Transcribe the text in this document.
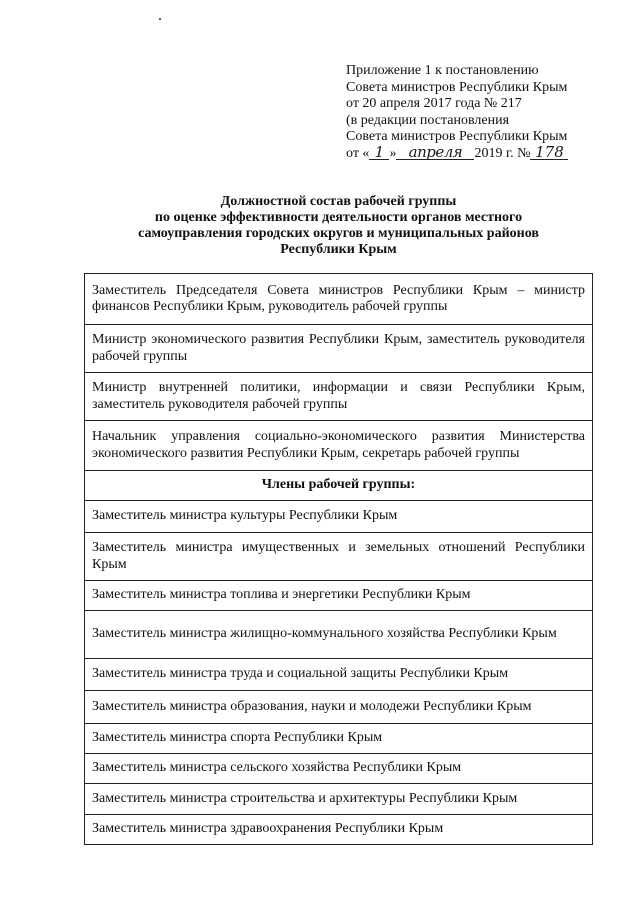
Приложение 1 к постановлению
Совета министров Республики Крым
от 20 апреля 2017 года № 217
(в редакции постановления
Совета министров Республики Крым
от « 1 » апреля 2019 г. № 178
Должностной состав рабочей группы
по оценке эффективности деятельности органов местного
самоуправления городских округов и муниципальных районов
Республики Крым
Заместитель Председателя Совета министров Республики Крым – министр финансов Республики Крым, руководитель рабочей группы
Министр экономического развития Республики Крым, заместитель руководителя рабочей группы
Министр внутренней политики, информации и связи Республики Крым, заместитель руководителя рабочей группы
Начальник управления социально-экономического развития Министерства экономического развития Республики Крым, секретарь рабочей группы
Члены рабочей группы:
Заместитель министра культуры Республики Крым
Заместитель министра имущественных и земельных отношений Республики Крым
Заместитель министра топлива и энергетики Республики Крым
Заместитель министра жилищно-коммунального хозяйства Республики Крым
Заместитель министра труда и социальной защиты Республики Крым
Заместитель министра образования, науки и молодежи Республики Крым
Заместитель министра спорта Республики Крым
Заместитель министра сельского хозяйства Республики Крым
Заместитель министра строительства и архитектуры Республики Крым
Заместитель министра здравоохранения Республики Крым
